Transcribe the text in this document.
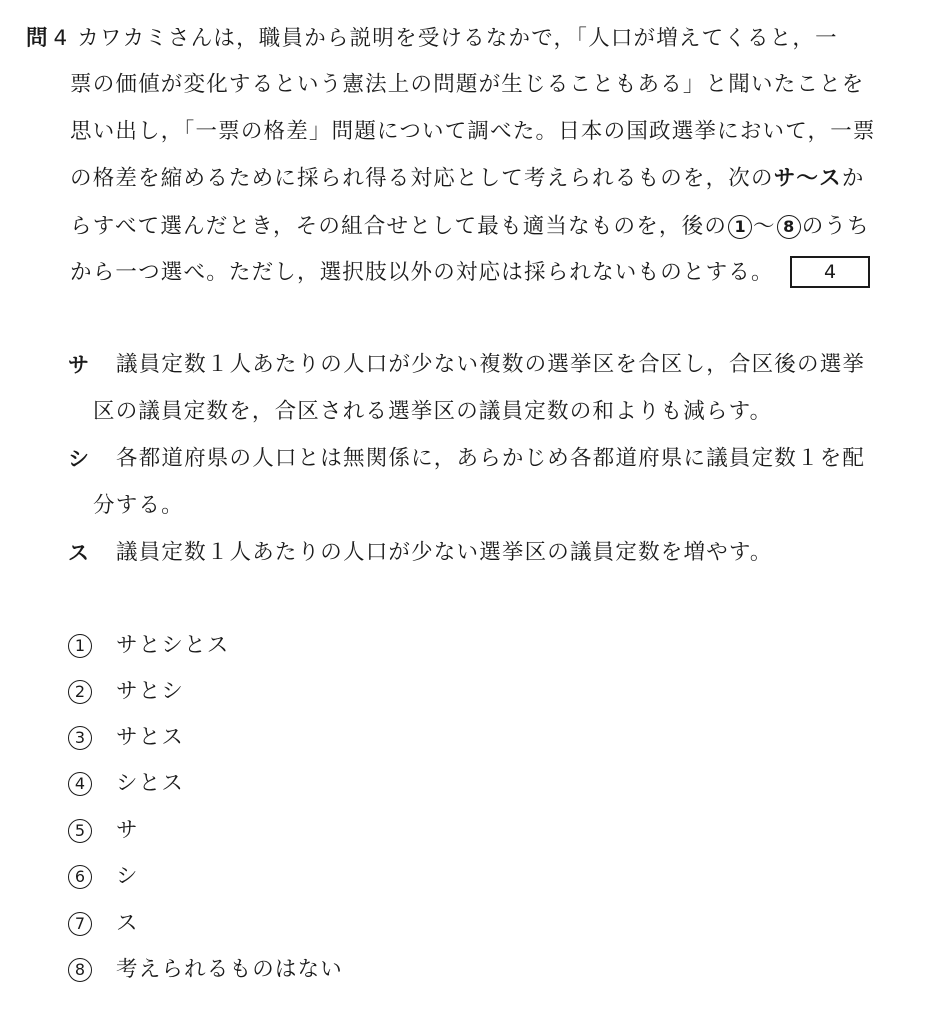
問 4 カワカミさんは，職員から説明を受けるなかで，「人口が増えてくると，一
票の価値が変化するという憲法上の問題が生じることもある」と聞いたことを
思い出し，「一票の格差」問題について調べた。日本の国政選挙において，一票
の格差を縮めるために採られ得る対応として考えられるものを，次のサ～スか
らすべて選んだとき，その組合せとして最も適当なものを，後の 1 ～ 8 のうち
から一つ選べ。ただし，選択肢以外の対応は採られないものとする。	4
サ 議員定数１人あたりの人口が少ない複数の選挙区を合区し，合区後の選挙
区の議員定数を，合区される選挙区の議員定数の和よりも減らす。
シ 各都道府県の人口とは無関係に，あらかじめ各都道府県に議員定数１を配
分する。
ス 議員定数１人あたりの人口が少ない選挙区の議員定数を増やす。
1 サとシとス
2 サとシ
3 サとス
4 シとス
5 サ
6 シ
7 ス
8 考えられるものはない
